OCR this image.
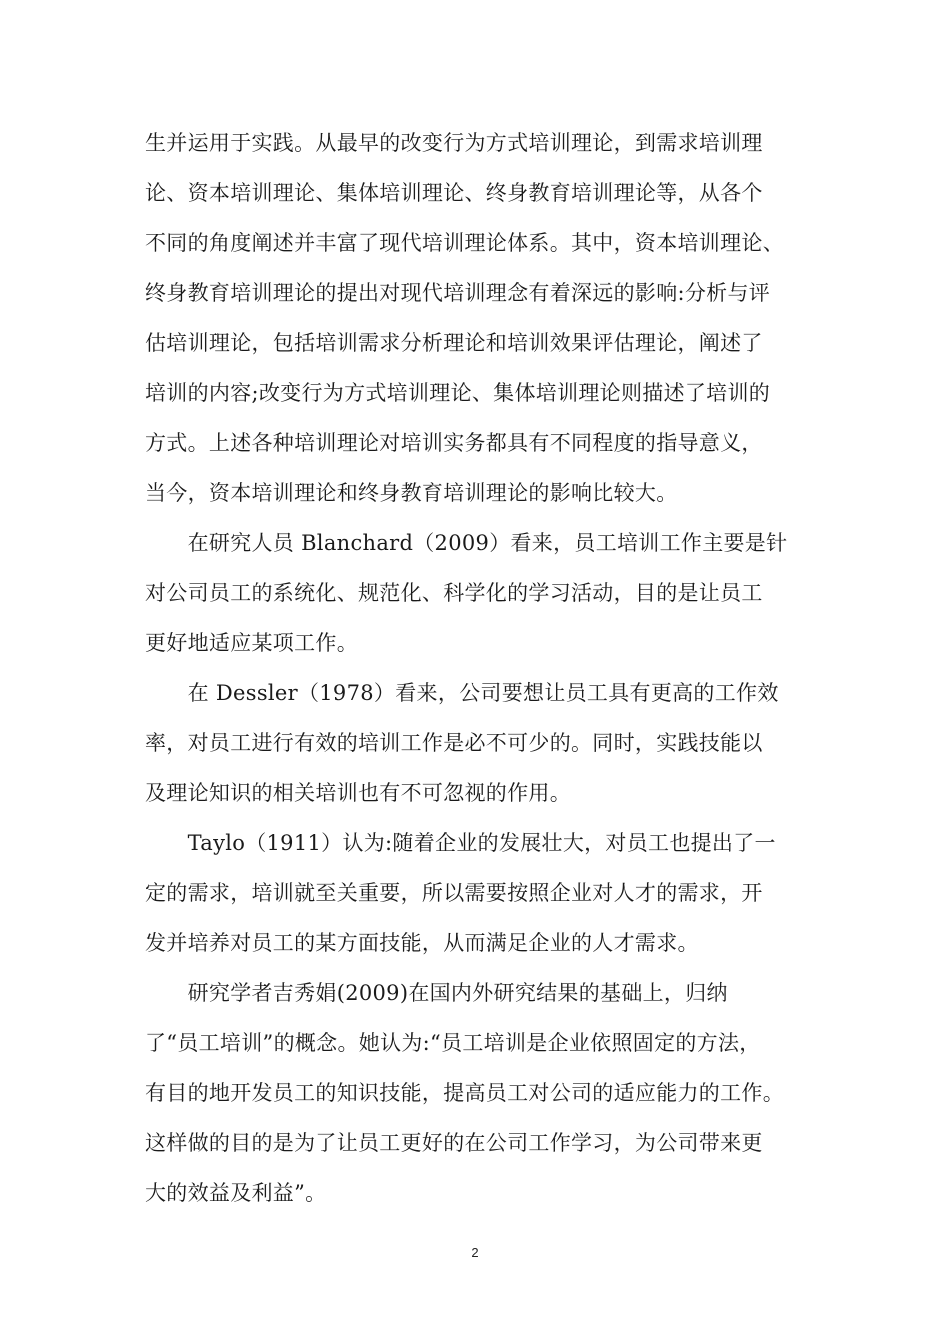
生并运用于实践。从最早的改变行为方式培训理论，到需求培训理
论、资本培训理论、集体培训理论、终身教育培训理论等，从各个
不同的角度阐述并丰富了现代培训理论体系。其中，资本培训理论、
终身教育培训理论的提出对现代培训理念有着深远的影响:分析与评
估培训理论，包括培训需求分析理论和培训效果评估理论，阐述了
培训的内容;改变行为方式培训理论、集体培训理论则描述了培训的
方式。上述各种培训理论对培训实务都具有不同程度的指导意义，
当今，资本培训理论和终身教育培训理论的影响比较大。
　　在研究人员 Blanchard（2009）看来，员工培训工作主要是针
对公司员工的系统化、规范化、科学化的学习活动，目的是让员工
更好地适应某项工作。
　　在 Dessler（1978）看来，公司要想让员工具有更高的工作效
率，对员工进行有效的培训工作是必不可少的。同时，实践技能以
及理论知识的相关培训也有不可忽视的作用。
　　Taylo（1911）认为:随着企业的发展壮大，对员工也提出了一
定的需求，培训就至关重要，所以需要按照企业对人才的需求，开
发并培养对员工的某方面技能，从而满足企业的人才需求。
　　研究学者吉秀娟(2009)在国内外研究结果的基础上，归纳
了“员工培训”的概念。她认为:“员工培训是企业依照固定的方法，
有目的地开发员工的知识技能，提高员工对公司的适应能力的工作。
这样做的目的是为了让员工更好的在公司工作学习，为公司带来更
大的效益及利益”。
2
